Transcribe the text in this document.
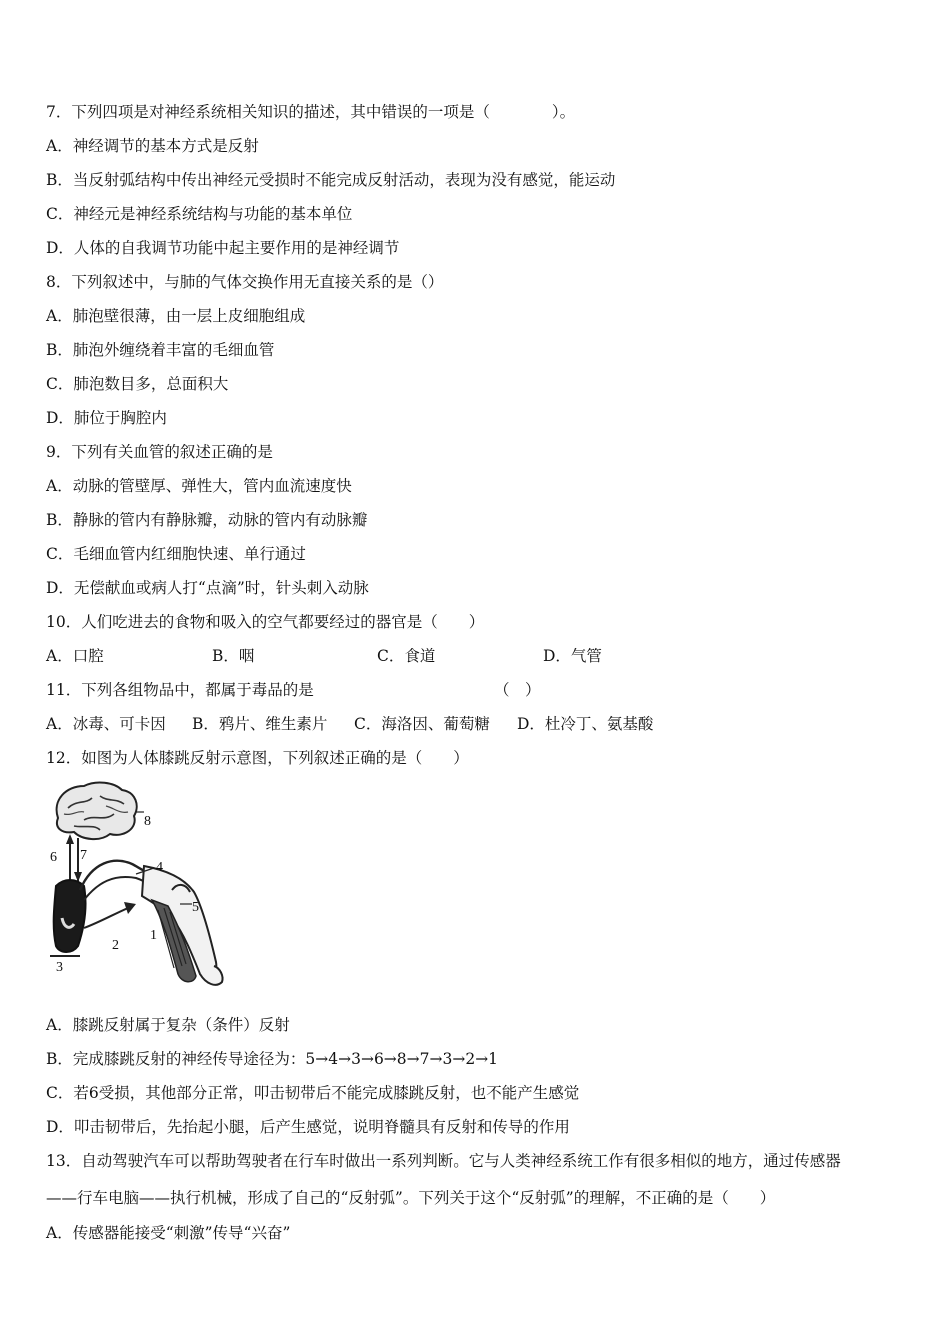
7．下列四项是对神经系统相关知识的描述，其中错误的一项是（　　　　）。
A．神经调节的基本方式是反射
B．当反射弧结构中传出神经元受损时不能完成反射活动，表现为没有感觉，能运动
C．神经元是神经系统结构与功能的基本单位
D．人体的自我调节功能中起主要作用的是神经调节
8．下列叙述中，与肺的气体交换作用无直接关系的是（）
A．肺泡壁很薄，由一层上皮细胞组成
B．肺泡外缠绕着丰富的毛细血管
C．肺泡数目多，总面积大
D．肺位于胸腔内
9．下列有关血管的叙述正确的是
A．动脉的管壁厚、弹性大，管内血流速度快
B．静脉的管内有静脉瓣，动脉的管内有动脉瓣
C．毛细血管内红细胞快速、单行通过
D．无偿献血或病人打“点滴”时，针头刺入动脉
10．人们吃进去的食物和吸入的空气都要经过的器官是（　　）

A．口腔

	B．咽

	C．食道

	D．气管

11．下列各组物品中，都属于毒品的是	（　）

A．冰毒、可卡因

B．鸦片、维生素片

C．海洛因、葡萄糖

D．杜冷丁、氨基酸

12．如图为人体膝跳反射示意图，下列叙述正确的是（　　）
8
6 7
4
5
1
2
3
A．膝跳反射属于复杂（条件）反射
B．完成膝跳反射的神经传导途径为：5→4→3→6→8→7→3→2→1
C．若6受损，其他部分正常，叩击韧带后不能完成膝跳反射，也不能产生感觉
D．叩击韧带后，先抬起小腿，后产生感觉，说明脊髓具有反射和传导的作用
13．自动驾驶汽车可以帮助驾驶者在行车时做出一系列判断。它与人类神经系统工作有很多相似的地方，通过传感器
——行车电脑——执行机械，形成了自己的“反射弧”。下列关于这个“反射弧”的理解，不正确的是（　　）
A．传感器能接受“刺激”传导“兴奋”
